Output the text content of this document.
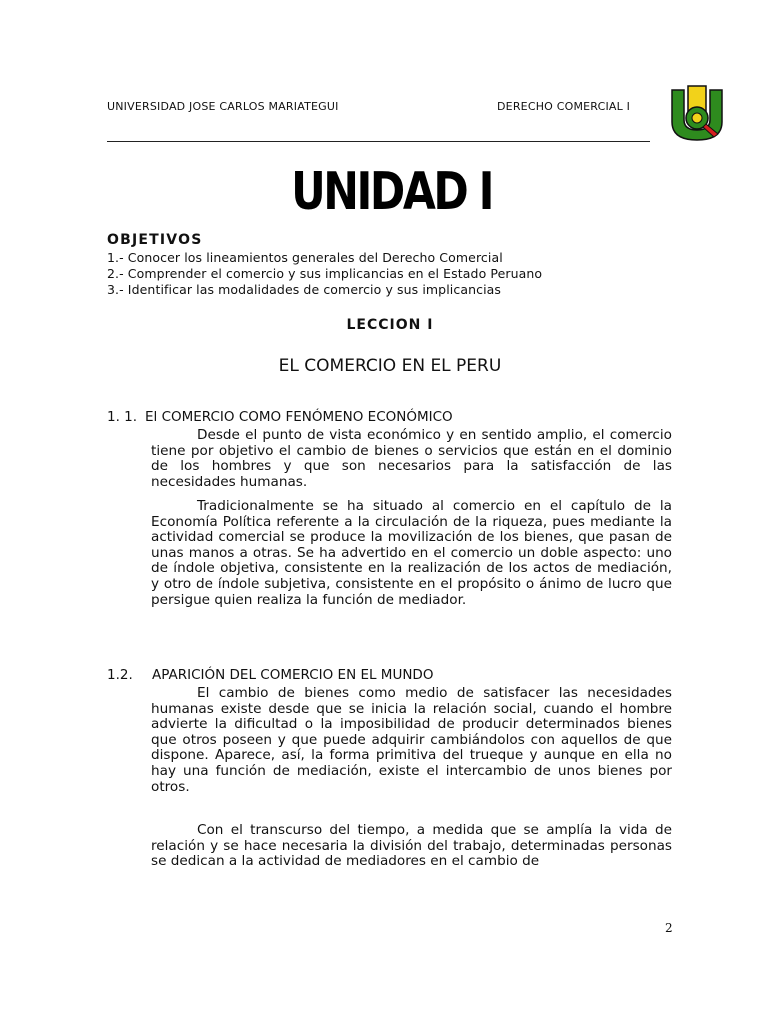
UNIVERSIDAD JOSE CARLOS MARIATEGUI	DERECHO COMERCIAL I
UNIDAD I
OBJETIVOS
1.- Conocer los lineamientos generales del Derecho Comercial
2.- Comprender el comercio y sus implicancias en el Estado Peruano
3.- Identificar las modalidades de comercio y sus implicancias
LECCION I
EL COMERCIO EN EL PERU
1. 1. El COMERCIO COMO FENÓMENO ECONÓMICO

Desde el punto de vista económico y en sentido amplio, el comercio tiene por objetivo el cambio de bienes o servicios que están en el dominio de los hombres y que son necesarios para la satisfacción de las necesidades humanas.

Tradicionalmente se ha situado al comercio en el capítulo de la Economía Política referente a la circulación de la riqueza, pues mediante la actividad comercial se produce la movilización de los bienes, que pasan de unas manos a otras. Se ha advertido en el comercio un doble aspecto: uno de índole objetiva, consistente en la realización de los actos de mediación, y otro de índole subjetiva, consistente en el propósito o ánimo de lucro que persigue quien realiza la función de mediador.

1.2. APARICIÓN DEL COMERCIO EN EL MUNDO

El cambio de bienes como medio de satisfacer las necesidades humanas existe desde que se inicia la relación social, cuando el hombre advierte la dificultad o la imposibilidad de producir determinados bienes que otros poseen y que puede adquirir cambiándolos con aquellos de que dispone. Aparece, así, la forma primitiva del trueque y aunque en ella no hay una función de mediación, existe el intercambio de unos bienes por otros.

Con el transcurso del tiempo, a medida que se amplía la vida de relación y se hace necesaria la división del trabajo, determinadas personas se dedican a la actividad de mediadores en el cambio de

2
